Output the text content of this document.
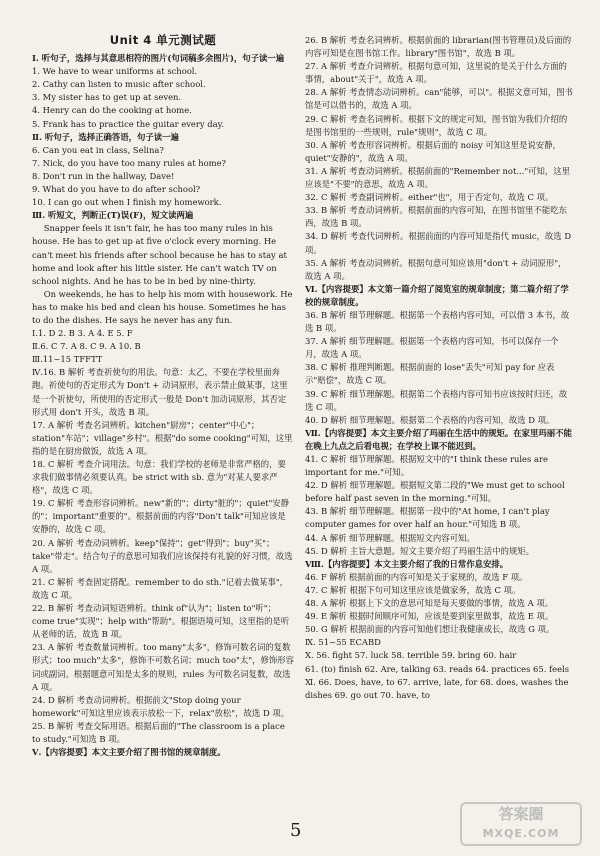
Unit 4 单元测试题

Ⅰ. 听句子，选择与其意思相符的图片(句词稿多余图片)，句子读一遍

1. We have to wear uniforms at school.

2. Cathy can listen to music after school.

3. My sister has to get up at seven.

4. Henry can do the cooking at home.

5. Frank has to practice the guitar every day.

Ⅱ. 听句子，选择正确答语，句子读一遍

6. Can you eat in class, Selina?

7. Nick, do you have too many rules at home?

8. Don't run in the hallway, Dave!

9. What do you have to do after school?

10. I can go out when I finish my homework.

Ⅲ. 听短文，判断正(T)误(F)，短文读两遍

Snapper feels it isn't fair, he has too many rules in his house. He has to get up at five o'clock every morning. He can't meet his friends after school because he has to stay at home and look after his little sister. He can't watch TV on school nights. And he has to be in bed by nine-thirty.

On weekends, he has to help his mom with housework. He has to make his bed and clean his house. Sometimes he has to do the dishes. He says he never has any fun.

Ⅰ.1. D 2. B 3. A 4. E 5. F

Ⅱ.6. C 7. A 8. C 9. A 10. B

Ⅲ.11~15 TFFTT

Ⅳ.16. B 解析 考查祈使句的用法。句意：太乙，不要在学校里面奔跑。祈使句的否定形式为 Don't + 动词原形，表示禁止做某事，这里是一个祈使句，所使用的否定形式一般是 Don't 加动词原形，其否定形式用 don't 开头，故选 B 项。

17. A 解析 考查名词辨析。kitchen"厨房"；center"中心"；station"车站"；village"乡村"。根据"do some cooking"可知，这里指的是在厨房做饭，故选 A 项。

18. C 解析 考查介词用法。句意：我们学校的老师是非常严格的，要求我们做事情必须要认真。be strict with sb. 意为"对某人要求严格"，故选 C 项。

19. C 解析 考查形容词辨析。new"新的"；dirty"脏的"；quiet"安静的"；important"重要的"。根据前面的内容"Don't talk"可知应该是安静的，故选 C 项。

20. A 解析 考查动词辨析。keep"保持"；get"得到"；buy"买"；take"带走"。结合句子的意思可知我们应该保持有礼貌的好习惯，故选 A 项。

21. C 解析 考查固定搭配。remember to do sth."记着去做某事"，故选 C 项。

22. B 解析 考查动词短语辨析。think of"认为"；listen to"听"；come true"实现"；help with"帮助"。根据语境可知，这里指的是听从老师的话，故选 B 项。

23. A 解析 考查数量词辨析。too many"太多"，修饰可数名词的复数形式；too much"太多"，修饰不可数名词；much too"太"，修饰形容词或副词。根据题意可知是太多的规则，rules 为可数名词复数，故选 A 项。

24. D 解析 考查动词辨析。根据前文"Stop doing your homework"可知这里应该表示放松一下，relax"放松"，故选 D 项。

25. B 解析 考查交际用语。根据后面的"The classroom is a place to study."可知选 B 项。

Ⅴ.【内容提要】本文主要介绍了图书馆的规章制度。

26. B 解析 考查名词辨析。根据前面的 librarian(图书管理员)及后面的内容可知是在图书馆工作。library"图书馆"，故选 B 项。

27. A 解析 考查介词辨析。根据句意可知，这里说的是关于什么方面的事情，about"关于"，故选 A 项。

28. A 解析 考查情态动词辨析。can"能够，可以"。根据文意可知，图书馆是可以借书的，故选 A 项。

29. C 解析 考查名词辨析。根据下文的规定可知，图书馆为我们介绍的是图书馆里的一些规则，rule"规则"，故选 C 项。

30. A 解析 考查形容词辨析。根据后面的 noisy 可知这里是说安静，quiet"安静的"，故选 A 项。

31. A 解析 考查动词辨析。根据前面的"Remember not..."可知，这里应该是"不要"的意思，故选 A 项。

32. C 解析 考查副词辨析。either"也"，用于否定句，故选 C 项。

33. B 解析 考查动词辨析。根据前面的内容可知，在图书馆里不能吃东西，故选 B 项。

34. D 解析 考查代词辨析。根据前面的内容可知是指代 music，故选 D 项。

35. A 解析 考查动词辨析。根据句意可知应该用"don't + 动词原形"，故选 A 项。

Ⅵ.【内容提要】本文第一篇介绍了阅览室的规章制度；第二篇介绍了学校的规章制度。

36. B 解析 细节理解题。根据第一个表格内容可知，可以借 3 本书，故选 B 项。

37. A 解析 细节理解题。根据第一个表格内容可知，书可以保存一个月，故选 A 项。

38. C 解析 推理判断题。根据前面的 lose"丢失"可知 pay for 应表示"赔偿"，故选 C 项。

39. C 解析 细节理解题。根据第二个表格内容可知书应该按时归还，故选 C 项。

40. D 解析 细节理解题。根据第二个表格的内容可知，故选 D 项。

Ⅶ.【内容提要】本文主要介绍了玛丽在生活中的规矩。在家里玛丽不能在晚上九点之后看电视；在学校上课不能迟到。

41. C 解析 细节理解题。根据短文中的"I think these rules are important for me."可知。

42. D 解析 细节理解题。根据短文第二段的"We must get to school before half past seven in the morning."可知。

43. B 解析 细节理解题。根据第一段中的"At home, I can't play computer games for over half an hour."可知选 B 项。

44. A 解析 细节理解题。根据短文内容可知。

45. D 解析 主旨大意题。短文主要介绍了玛丽生活中的规矩。

Ⅷ.【内容提要】本文主要介绍了我的日常作息安排。

46. F 解析 根据前面的内容可知是关于家规的，故选 F 项。

47. C 解析 根据下句可知这里应该是做家务，故选 C 项。

48. A 解析 根据上下文的意思可知是每天要做的事情，故选 A 项。

49. E 解析 根据时间顺序可知，应该是要到家里做事，故选 E 项。

50. G 解析 根据前面的内容可知他们想让我健康成长，故选 G 项。

Ⅸ. 51~55 ECABD

Ⅹ. 56. fight 57. luck 58. terrible 59. bring 60. hair

61. (to) finish 62. Are, talking 63. reads 64. practices 65. feels

Ⅺ. 66. Does, have, to 67. arrive, late, for 68. does, washes the dishes 69. go out 70. have, to

5
答案圈
MXQE.COM
